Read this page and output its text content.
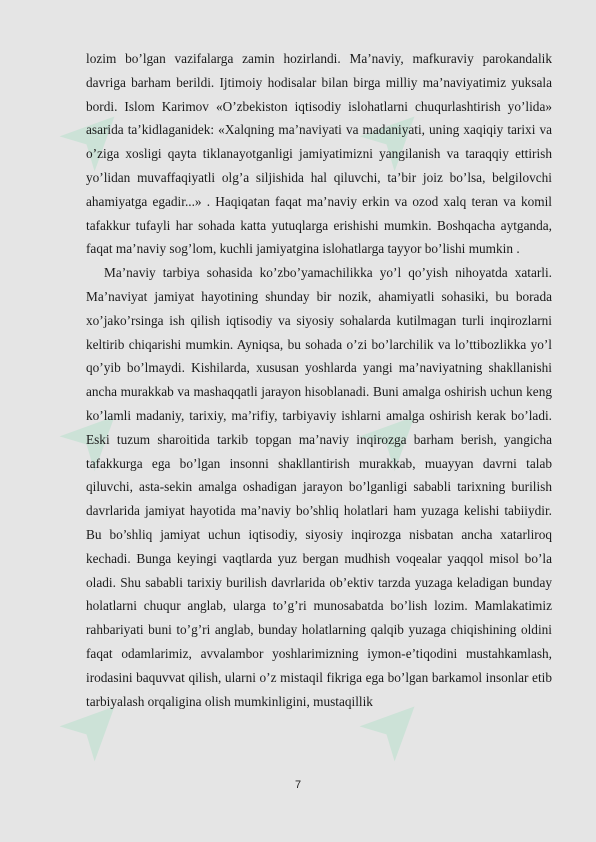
➤ ➤
➤ ➤
➤ ➤

lozim bo’lgan vazifalarga zamin hozirlandi. Ma’naviy, mafkuraviy parokandalik davriga barham berildi. Ijtimoiy hodisalar bilan birga milliy ma’naviyatimiz yuksala bordi. Islom Karimov «O’zbekiston iqtisodiy islohatlarni chuqurlashtirish yo’lida» asarida ta’kidlaganidek: «Xalqning ma’naviyati va madaniyati, uning xaqiqiy tarixi va o’ziga xosligi qayta tiklanayotganligi jamiyatimizni yangilanish va taraqqiy ettirish yo’lidan muvaffaqiyatli olg’a siljishida hal qiluvchi, ta’bir joiz bo’lsa, belgilovchi ahamiyatga egadir...» . Haqiqatan faqat ma’naviy erkin va ozod xalq teran va komil tafakkur tufayli har sohada katta yutuqlarga erishishi mumkin. Boshqacha aytganda, faqat ma’naviy sog’lom, kuchli jamiyatgina islohatlarga tayyor bo’lishi mumkin .

Ma’naviy tarbiya sohasida ko’zbo’yamachilikka yo’l qo’yish nihoyatda xatarli. Ma’naviyat jamiyat hayotining shunday bir nozik, ahamiyatli sohasiki, bu borada xo’jako’rsinga ish qilish iqtisodiy va siyosiy sohalarda kutilmagan turli inqirozlarni keltirib chiqarishi mumkin. Ayniqsa, bu sohada o’zi bo’larchilik va lo’ttibozlikka yo’l qo’yib bo’lmaydi. Kishilarda, xususan yoshlarda yangi ma’naviyatning shakllanishi ancha murakkab va mashaqqatli jarayon hisoblanadi. Buni amalga oshirish uchun keng ko’lamli madaniy, tarixiy, ma’rifiy, tarbiyaviy ishlarni amalga oshirish kerak bo’ladi. Eski tuzum sharoitida tarkib topgan ma’naviy inqirozga barham berish, yangicha tafakkurga ega bo’lgan insonni shakllantirish murakkab, muayyan davrni talab qiluvchi, asta-sekin amalga oshadigan jarayon bo’lganligi sababli tarixning burilish davrlarida jamiyat hayotida ma’naviy bo’shliq holatlari ham yuzaga kelishi tabiiydir. Bu bo’shliq jamiyat uchun iqtisodiy, siyosiy inqirozga nisbatan ancha xatarliroq kechadi. Bunga keyingi vaqtlarda yuz bergan mudhish voqealar yaqqol misol bo’la oladi. Shu sababli tarixiy burilish davrlarida ob’ektiv tarzda yuzaga keladigan bunday holatlarni chuqur anglab, ularga to’g’ri munosabatda bo’lish lozim. Mamlakatimiz rahbariyati buni to’g’ri anglab, bunday holatlarning qalqib yuzaga chiqishining oldini faqat odamlarimiz, avvalambor yoshlarimizning iymon-e’tiqodini mustahkamlash, irodasini baquvvat qilish, ularni o’z mistaqil fikriga ega bo’lgan barkamol insonlar etib tarbiyalash orqaligina olish mumkinligini, mustaqillik

7
